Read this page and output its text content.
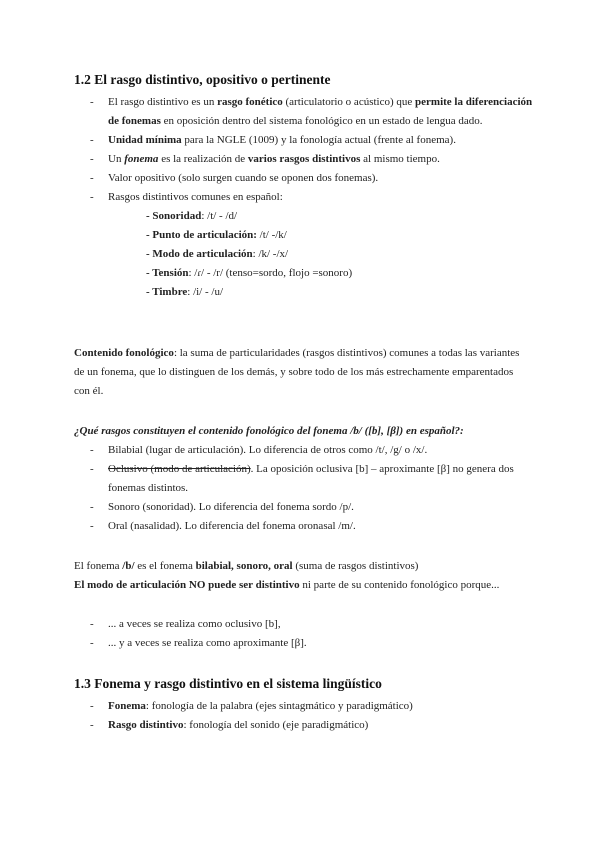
1.2 El rasgo distintivo, opositivo o pertinente
- El rasgo distintivo es un rasgo fonético (articulatorio o acústico) que permite la diferenciación de fonemas en oposición dentro del sistema fonológico en un estado de lengua dado.
- Unidad mínima para la NGLE (1009) y la fonología actual (frente al fonema).
- Un fonema es la realización de varios rasgos distintivos al mismo tiempo.
- Valor opositivo (solo surgen cuando se oponen dos fonemas).
- Rasgos distintivos comunes en español:
- Sonoridad: /t/ - /d/
- Punto de articulación: /t/ -/k/
- Modo de articulación: /k/ -/x/
- Tensión: /ɾ/ - /r/ (tenso=sordo, flojo =sonoro)
- Timbre: /i/ - /u/

Contenido fonológico: la suma de particularidades (rasgos distintivos) comunes a todas las variantes de un fonema, que lo distinguen de los demás, y sobre todo de los más estrechamente emparentados con él.

¿Qué rasgos constituyen el contenido fonológico del fonema /b/ ([b], [β]) en español?:

- Bilabial (lugar de articulación). Lo diferencia de otros como /t/, /g/ o /x/.
- Oclusivo (modo de articulación). La oposición oclusiva [b] – aproximante [β] no genera dos fonemas distintos.
- Sonoro (sonoridad). Lo diferencia del fonema sordo /p/.
- Oral (nasalidad). Lo diferencia del fonema oronasal /m/.

El fonema /b/ es el fonema bilabial, sonoro, oral (suma de rasgos distintivos)

El modo de articulación NO puede ser distintivo ni parte de su contenido fonológico porque...

- ... a veces se realiza como oclusivo [b],
- ... y a veces se realiza como aproximante [β].
1.3 Fonema y rasgo distintivo en el sistema lingüístico
- Fonema: fonología de la palabra (ejes sintagmático y paradigmático)
- Rasgo distintivo: fonología del sonido (eje paradigmático)
